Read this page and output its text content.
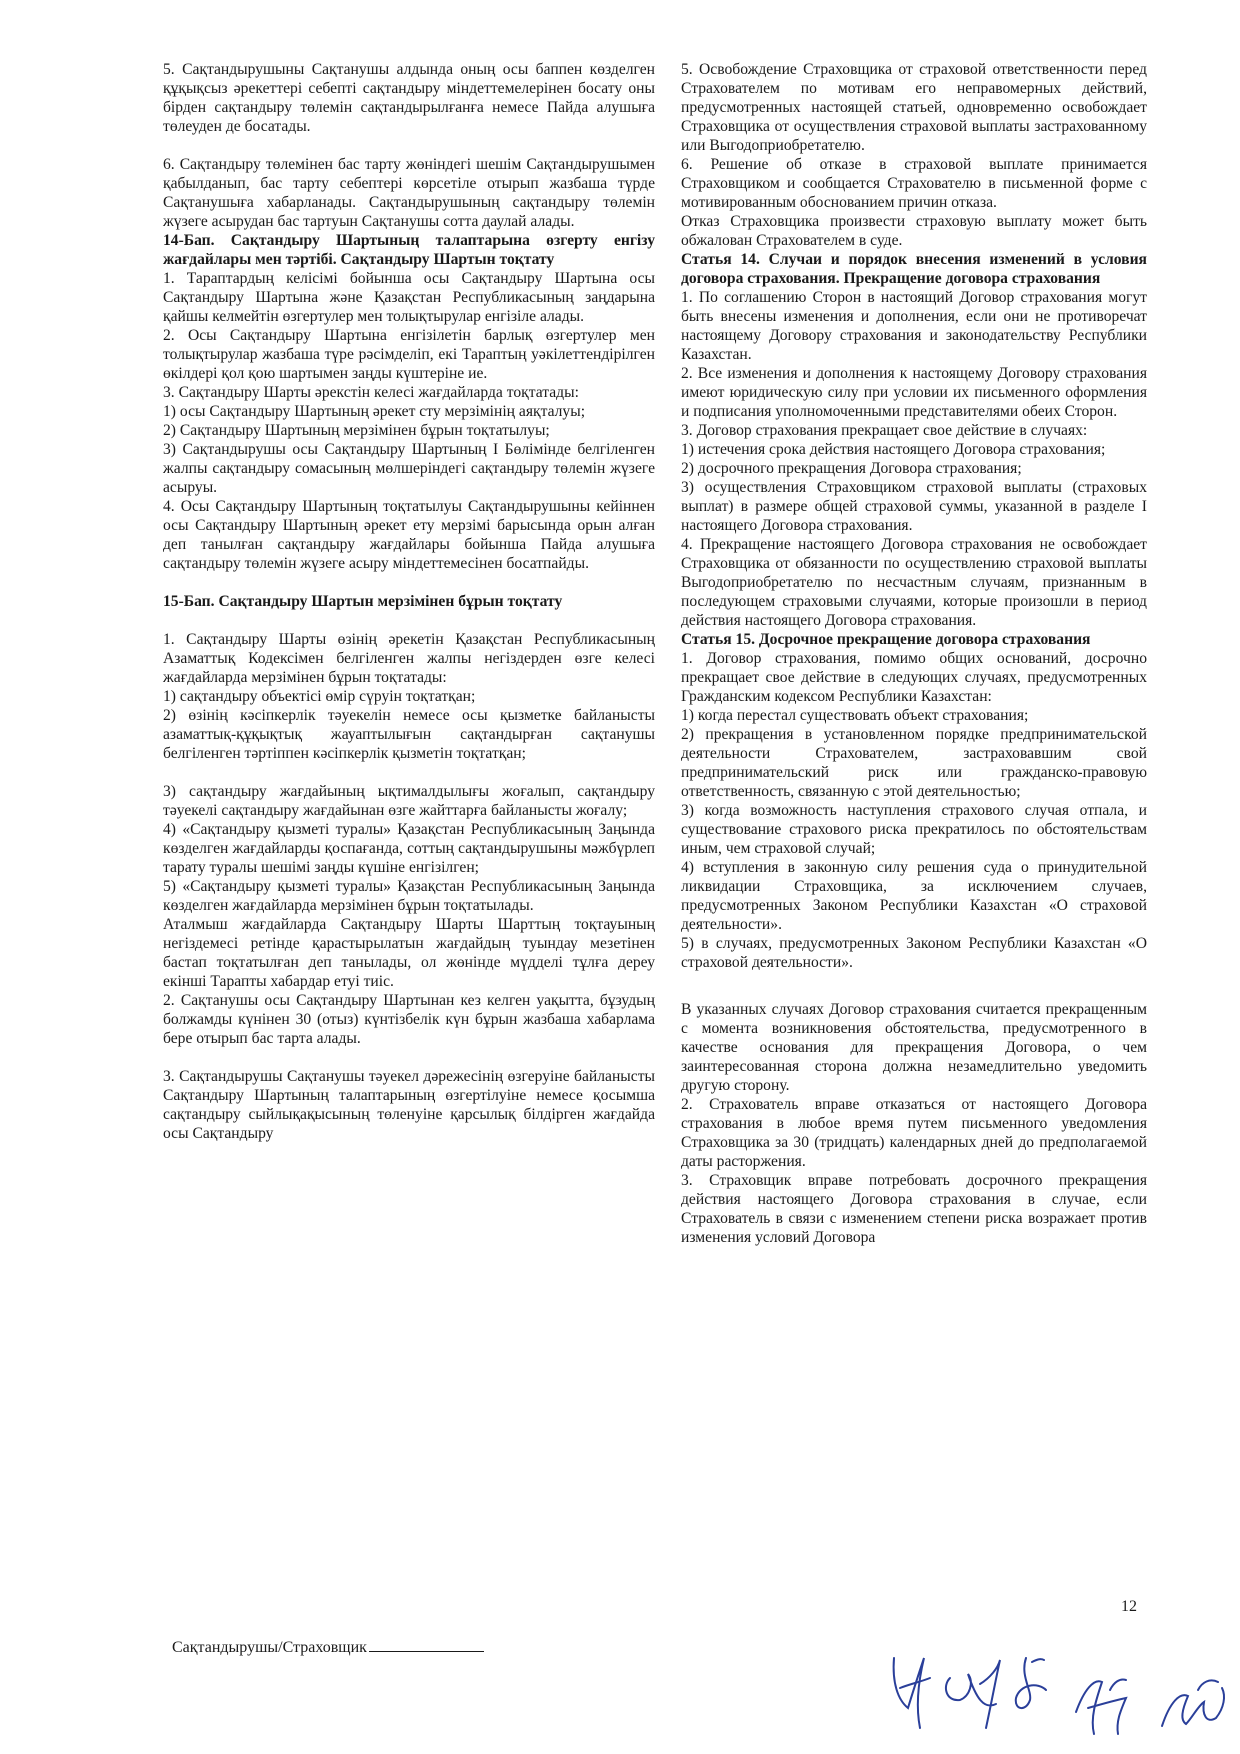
5. Сақтандырушыны Сақтанушы алдында оның осы баппен көзделген құқықсыз әрекеттері себепті сақтандыру міндеттемелерінен босату оны бірден сақтандыру төлемін сақтандырылғанға немесе Пайда алушыға төлеуден де босатады.

6. Сақтандыру төлемінен бас тарту жөніндегі шешім Сақтандырушымен қабылданып, бас тарту себептері көрсетіле отырып жазбаша түрде Сақтанушыға хабарланады. Сақтандырушының сақтандыру төлемін жүзеге асырудан бас тартуын Сақтанушы сотта даулай алады.

14-Бап. Сақтандыру Шартының талаптарына өзгерту енгізу жағдайлары мен тәртібі. Сақтандыру Шартын тоқтату

1. Тараптардың келісімі бойынша осы Сақтандыру Шартына осы Сақтандыру Шартына және Қазақстан Республикасының заңдарына қайшы келмейтін өзгертулер мен толықтырулар енгізіле алады.

2. Осы Сақтандыру Шартына енгізілетін барлық өзгертулер мен толықтырулар жазбаша түре рәсімделіп, екі Тараптың уәкілеттендірілген өкілдері қол қою шартымен заңды күштеріне ие.

3. Сақтандыру Шарты әрекстін келесі жағдайларда тоқтатады:

1) осы Сақтандыру Шартының әрекет сту мерзімінің аяқталуы;

2) Сақтандыру Шартының мерзімінен бұрын тоқтатылуы;

3) Сақтандырушы осы Сақтандыру Шартының I Бөлімінде белгіленген жалпы сақтандыру сомасының мөлшеріндегі сақтандыру төлемін жүзеге асыруы.

4. Осы Сақтандыру Шартының тоқтатылуы Сақтандырушыны кейіннен осы Сақтандыру Шартының әрекет ету мерзімі барысында орын алған деп танылған сақтандыру жағдайлары бойынша Пайда алушыға сақтандыру төлемін жүзеге асыру міндеттемесінен босатпайды.

15-Бап. Сақтандыру Шартын мерзімінен бұрын тоқтату

1. Сақтандыру Шарты өзінің әрекетін Қазақстан Республикасының Азаматтық Кодексімен белгіленген жалпы негіздерден өзге келесі жағдайларда мерзімінен бұрын тоқтатады:

1) сақтандыру объектісі өмір сүруін тоқтатқан;

2) өзінің кәсіпкерлік тәуекелін немесе осы қызметке байланысты азаматтық-құқықтық жауаптылығын сақтандырған сақтанушы белгіленген тәртіппен кәсіпкерлік қызметін тоқтатқан;

3) сақтандыру жағдайының ықтималдылығы жоғалып, сақтандыру тәуекелі сақтандыру жағдайынан өзге жайттарға байланысты жоғалу;

4) «Сақтандыру қызметі туралы» Қазақстан Республикасының Заңында көзделген жағдайларды қоспағанда, соттың сақтандырушыны мәжбүрлеп тарату туралы шешімі заңды күшіне енгізілген;

5) «Сақтандыру қызметі туралы» Қазақстан Республикасының Заңында көзделген жағдайларда мерзімінен бұрын тоқтатылады.

Аталмыш жағдайларда Сақтандыру Шарты Шарттың тоқтауының негіздемесі ретінде қарастырылатын жағдайдың туындау мезетінен бастап тоқтатылған деп танылады, ол жөнінде мүдделі тұлға дереу екінші Тарапты хабардар етуі тиіс.

2. Сақтанушы осы Сақтандыру Шартынан кез келген уақытта, бұзудың болжамды күнінен 30 (отыз) күнтізбелік күн бұрын жазбаша хабарлама бере отырып бас тарта алады.

3. Сақтандырушы Сақтанушы тәуекел дәрежесінің өзгеруіне байланысты Сақтандыру Шартының талаптарының өзгертілуіне немесе қосымша сақтандыру сыйлықақысының төленуіне қарсылық білдірген жағдайда осы Сақтандыру

5. Освобождение Страховщика от страховой ответственности перед Страхователем по мотивам его неправомерных действий, предусмотренных настоящей статьей, одновременно освобождает Страховщика от осуществления страховой выплаты застрахованному или Выгодоприобретателю.

6. Решение об отказе в страховой выплате принимается Страховщиком и сообщается Страхователю в письменной форме с мотивированным обоснованием причин отказа.

Отказ Страховщика произвести страховую выплату может быть обжалован Страхователем в суде.

Статья 14. Случаи и порядок внесения изменений в условия договора страхования. Прекращение договора страхования

1. По соглашению Сторон в настоящий Договор страхования могут быть внесены изменения и дополнения, если они не противоречат настоящему Договору страхования и законодательству Республики Казахстан.

2. Все изменения и дополнения к настоящему Договору страхования имеют юридическую силу при условии их письменного оформления и подписания уполномоченными представителями обеих Сторон.

3. Договор страхования прекращает свое действие в случаях:

1) истечения срока действия настоящего Договора страхования;

2) досрочного прекращения Договора страхования;

3) осуществления Страховщиком страховой выплаты (страховых выплат) в размере общей страховой суммы, указанной в разделе I настоящего Договора страхования.

4. Прекращение настоящего Договора страхования не освобождает Страховщика от обязанности по осуществлению страховой выплаты Выгодоприобретателю по несчастным случаям, признанным в последующем страховыми случаями, которые произошли в период действия настоящего Договора страхования.

Статья 15. Досрочное прекращение договора страхования

1. Договор страхования, помимо общих оснований, досрочно прекращает свое действие в следующих случаях, предусмотренных Гражданским кодексом Республики Казахстан:

1) когда перестал существовать объект страхования;

2) прекращения в установленном порядке предпринимательской деятельности Страхователем, застраховавшим свой предпринимательский риск или гражданско-правовую ответственность, связанную с этой деятельностью;

3) когда возможность наступления страхового случая отпала, и существование страхового риска прекратилось по обстоятельствам иным, чем страховой случай;

4) вступления в законную силу решения суда о принудительной ликвидации Страховщика, за исключением случаев, предусмотренных Законом Республики Казахстан «О страховой деятельности».

5) в случаях, предусмотренных Законом Республики Казахстан «О страховой деятельности».

В указанных случаях Договор страхования считается прекращенным с момента возникновения обстоятельства, предусмотренного в качестве основания для прекращения Договора, о чем заинтересованная сторона должна незамедлительно уведомить другую сторону.

2. Страхователь вправе отказаться от настоящего Договора страхования в любое время путем письменного уведомления Страховщика за 30 (тридцать) календарных дней до предполагаемой даты расторжения.

3. Страховщик вправе потребовать досрочного прекращения действия настоящего Договора страхования в случае, если Страхователь в связи с изменением степени риска возражает против изменения условий Договора

Сақтандырушы/Страховщик
12
